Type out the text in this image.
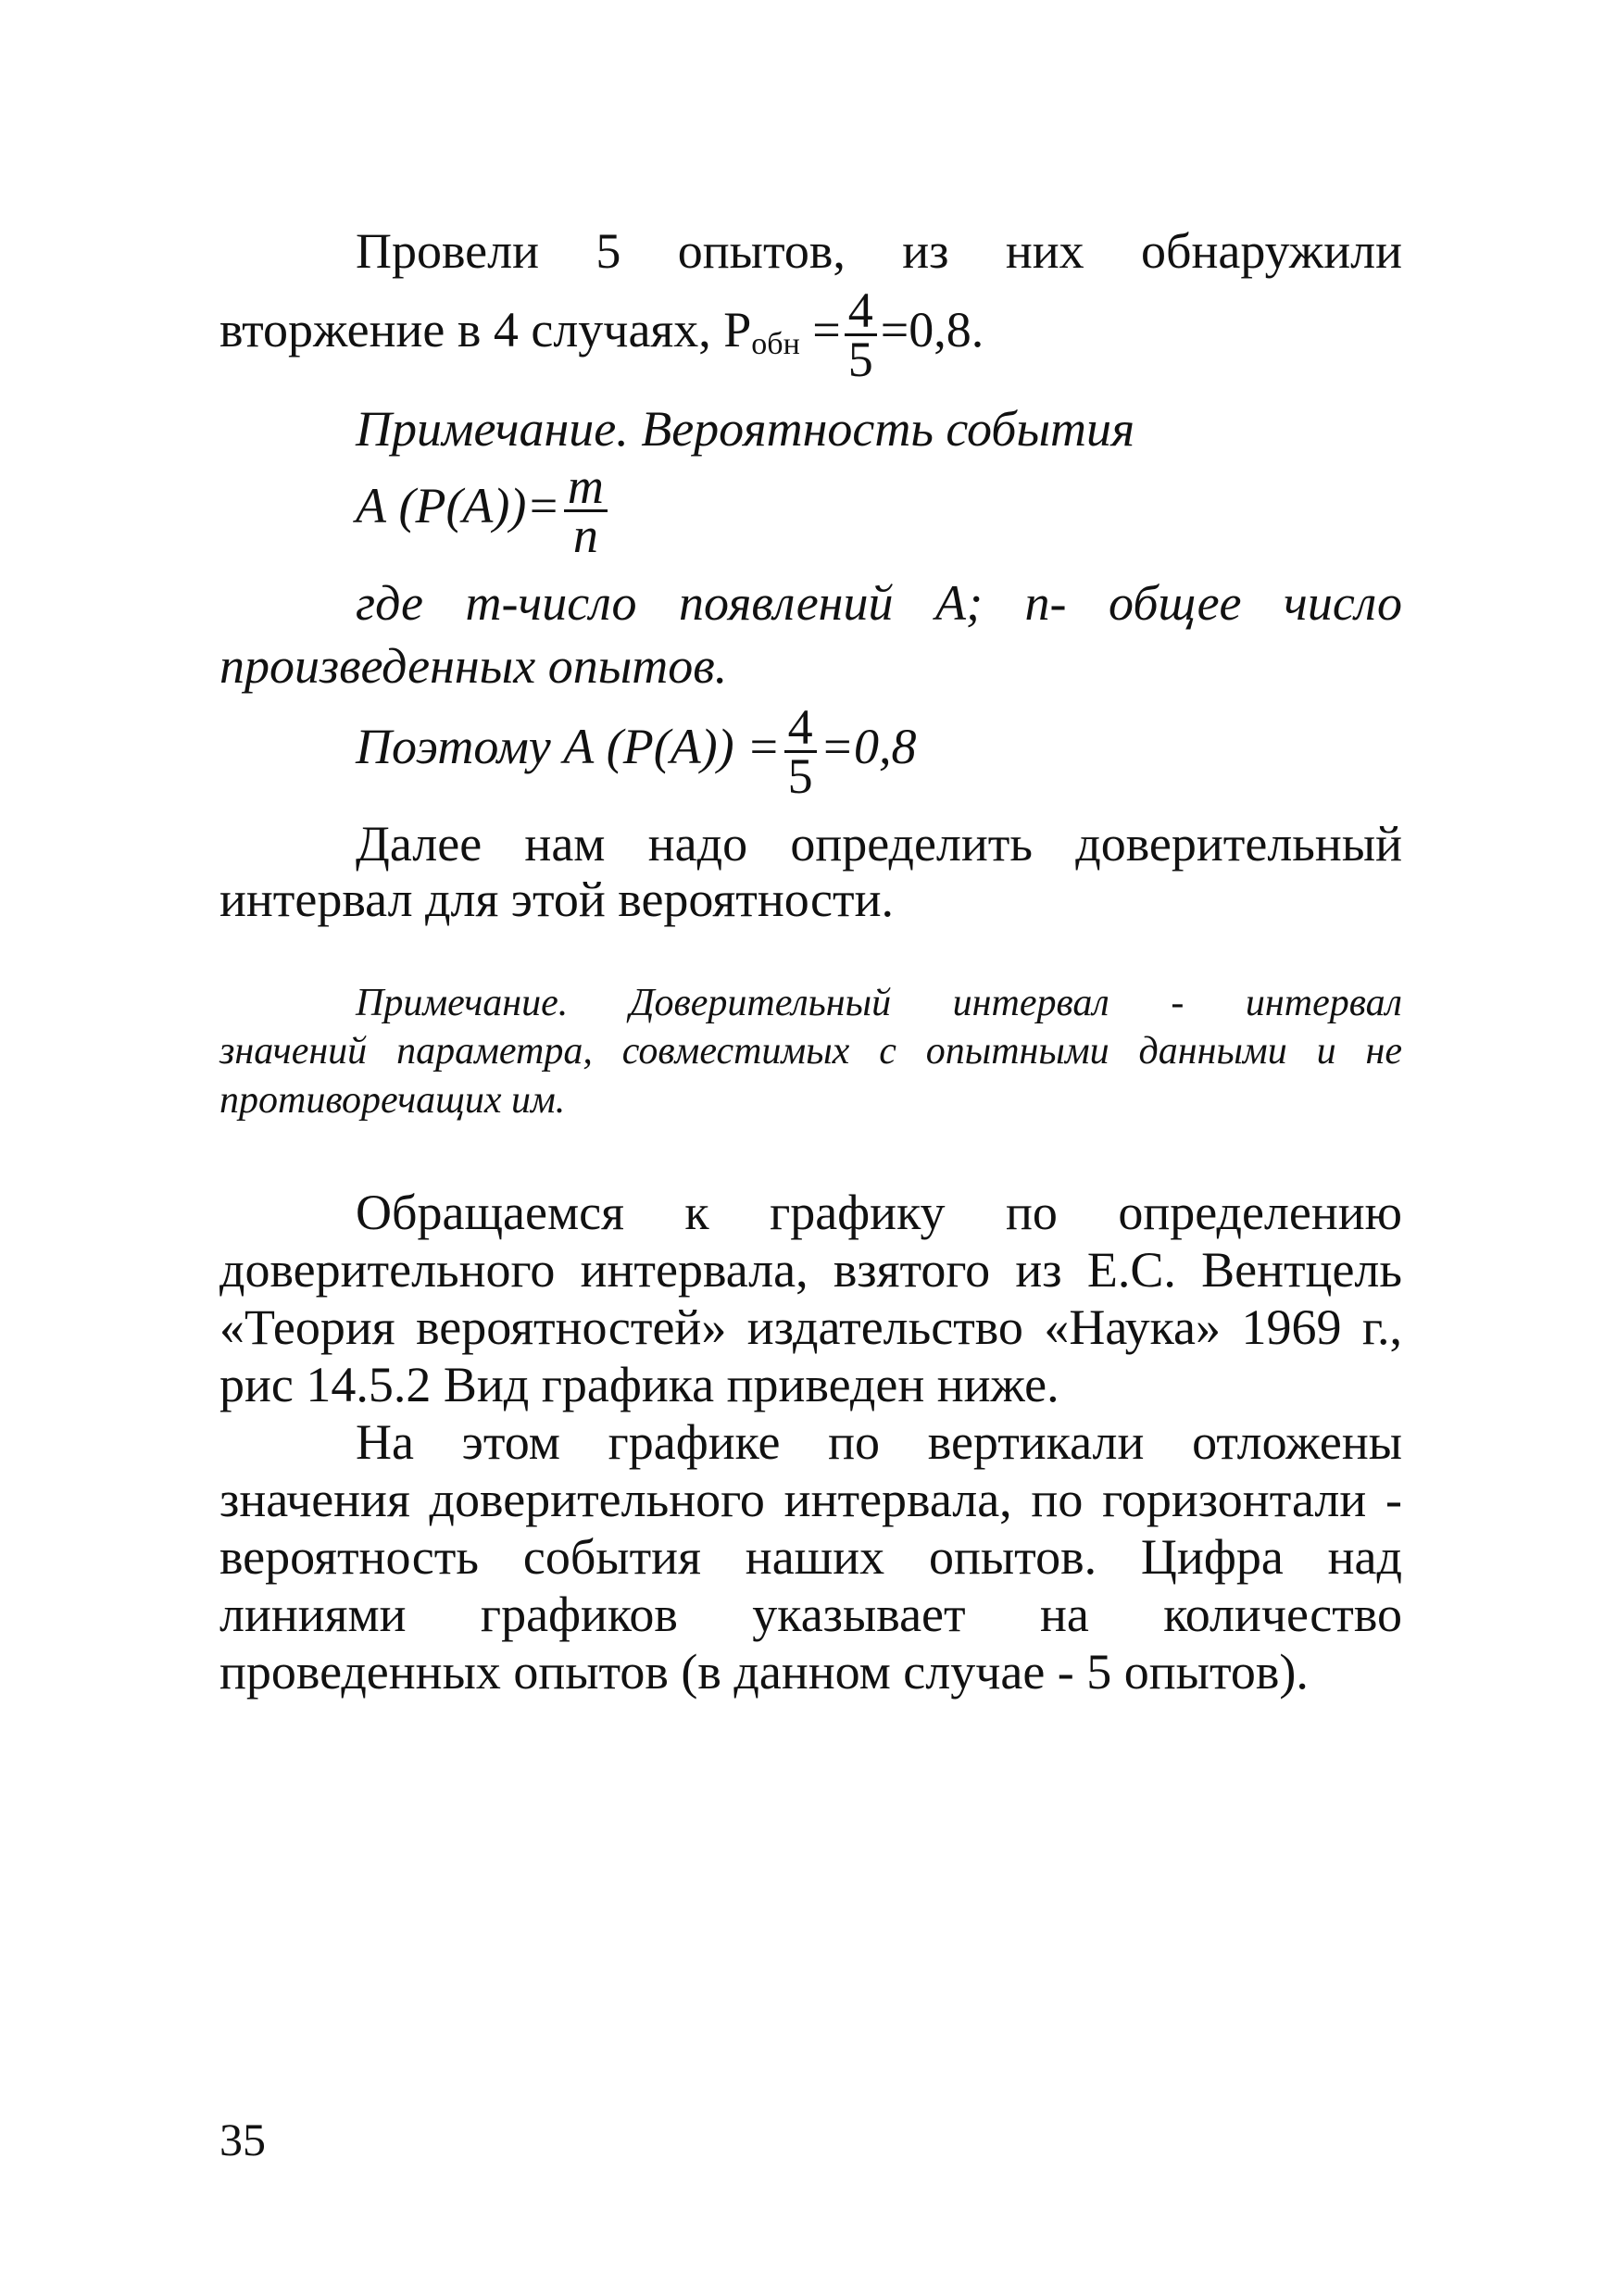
Провели 5 опытов, из них обнаружили
вторжение в 4 случаях, $Р_{обн} = \frac{4}{5} =0,8$.
Примечание. Вероятность события
А $(Р(А))= \frac{m}{n}$
где m-число появлений А; n- общее число
произведенных опытов.
Поэтому А $(Р(А)) = \frac{4}{5} =0,8$
Далее нам надо определить доверительный
интервал для этой вероятности.
Примечание. Доверительный интервал - интервал
значений параметра, совместимых с опытными данными и не
противоречащих им.
Обращаемся к графику по определению
доверительного интервала, взятого из Е.С. Вентцель
«Теория вероятностей» издательство «Наука» 1969 г.,
рис 14.5.2 Вид графика приведен ниже.
На этом графике по вертикали отложены
значения доверительного интервала, по горизонтали -
вероятность события наших опытов. Цифра над
линиями графиков указывает на количество
проведенных опытов (в данном случае - 5 опытов).
35
